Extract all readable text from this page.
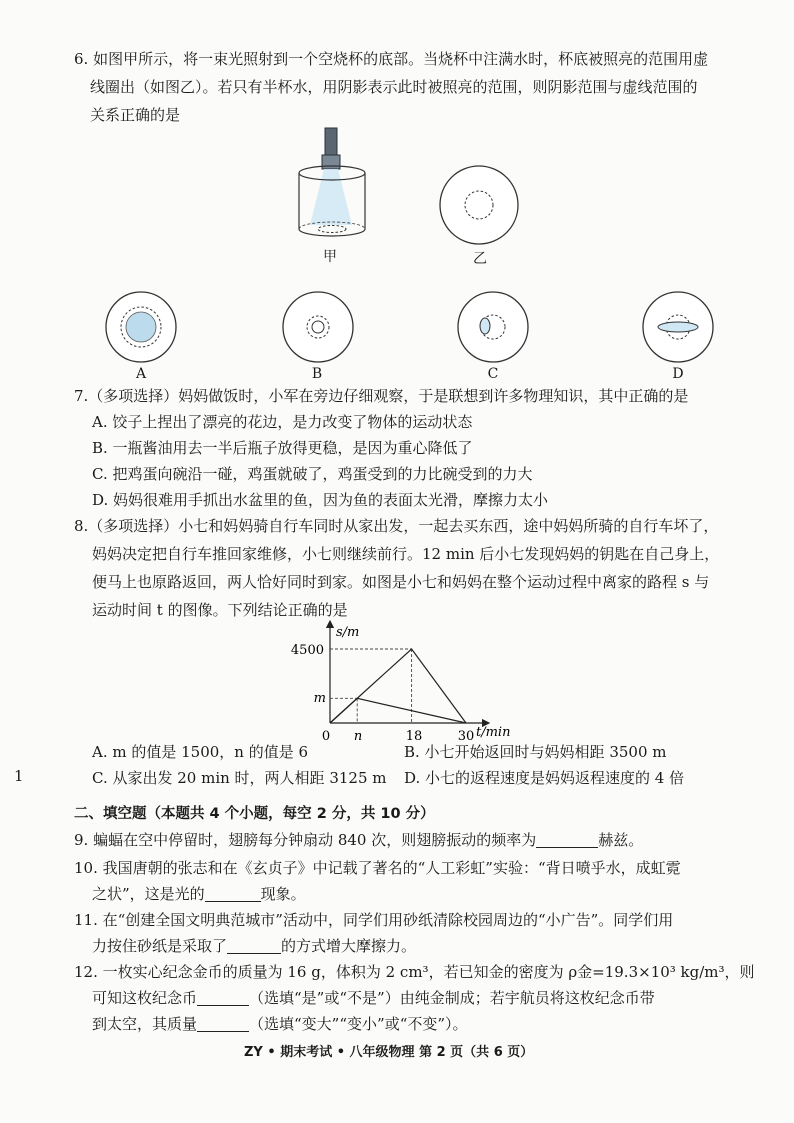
6. 如图甲所示，将一束光照射到一个空烧杯的底部。当烧杯中注满水时，杯底被照亮的范围用虚
线圈出（如图乙）。若只有半杯水，用阴影表示此时被照亮的范围，则阴影范围与虚线范围的
关系正确的是
甲	乙
A	B	C	D
7.（多项选择）妈妈做饭时，小军在旁边仔细观察，于是联想到许多物理知识，其中正确的是
A. 饺子上捏出了漂亮的花边，是力改变了物体的运动状态
B. 一瓶酱油用去一半后瓶子放得更稳，是因为重心降低了
C. 把鸡蛋向碗沿一碰，鸡蛋就破了，鸡蛋受到的力比碗受到的力大
D. 妈妈很难用手抓出水盆里的鱼，因为鱼的表面太光滑，摩擦力太小
8.（多项选择）小七和妈妈骑自行车同时从家出发，一起去买东西，途中妈妈所骑的自行车坏了，
妈妈决定把自行车推回家维修，小七则继续前行。12 min 后小七发现妈妈的钥匙在自己身上，
便马上也原路返回，两人恰好同时到家。如图是小七和妈妈在整个运动过程中离家的路程 s 与
运动时间 t 的图像。下列结论正确的是
s/m
t/min
4500
m
0 n	18	30
A. m 的值是 1500，n 的值是 6	B. 小七开始返回时与妈妈相距 3500 m
C. 从家出发 20 min 时，两人相距 3125 m D. 小七的返程速度是妈妈返程速度的 4 倍
1
二、填空题（本题共 4 个小题，每空 2 分，共 10 分）
9. 蝙蝠在空中停留时，翅膀每分钟扇动 840 次，则翅膀振动的频率为	赫兹。
10. 我国唐朝的张志和在《玄贞子》中记载了著名的“人工彩虹”实验：“背日喷乎水，成虹霓
之状”，这是光的	现象。
11. 在“创建全国文明典范城市”活动中，同学们用砂纸清除校园周边的“小广告”。同学们用
力按住砂纸是采取了	的方式增大摩擦力。
12. 一枚实心纪念金币的质量为 16 g，体积为 2 cm³，若已知金的密度为 ρ金=19.3×10³ kg/m³，则
可知这枚纪念币	（选填“是”或“不是”）由纯金制成；若宇航员将这枚纪念币带
到太空，其质量	（选填“变大”“变小”或“不变”）。
ZY • 期末考试 • 八年级物理 第 2 页（共 6 页）
